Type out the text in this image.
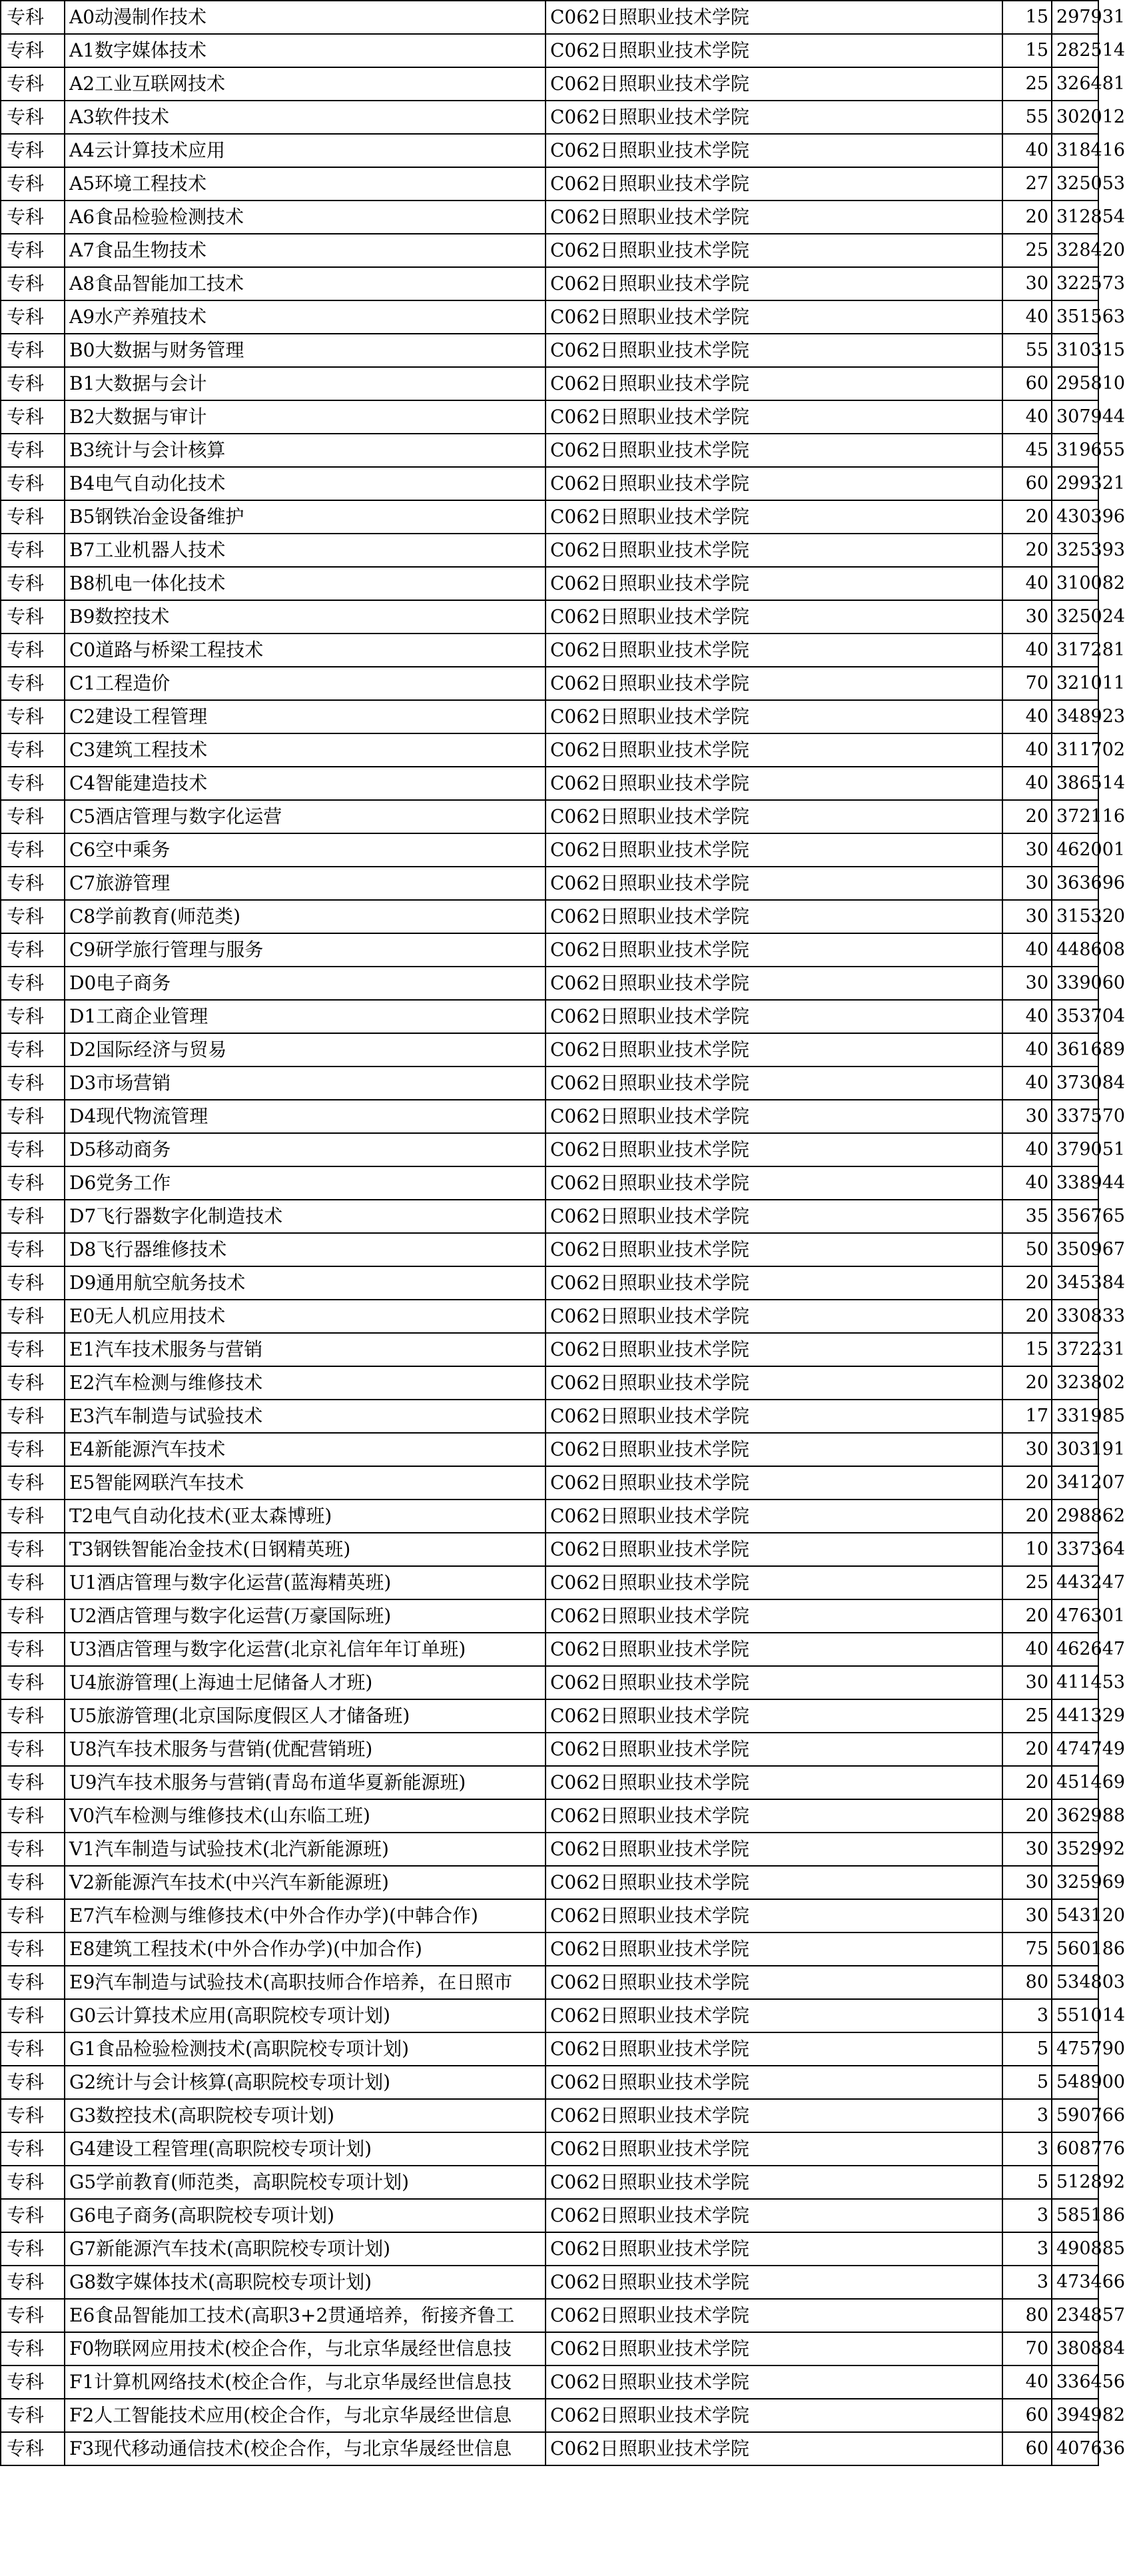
专科	A0动漫制作技术	C062日照职业技术学院	15	297931
专科	A1数字媒体技术	C062日照职业技术学院	15	282514
专科	A2工业互联网技术	C062日照职业技术学院	25	326481
专科	A3软件技术	C062日照职业技术学院	55	302012
专科	A4云计算技术应用	C062日照职业技术学院	40	318416
专科	A5环境工程技术	C062日照职业技术学院	27	325053
专科	A6食品检验检测技术	C062日照职业技术学院	20	312854
专科	A7食品生物技术	C062日照职业技术学院	25	328420
专科	A8食品智能加工技术	C062日照职业技术学院	30	322573
专科	A9水产养殖技术	C062日照职业技术学院	40	351563
专科	B0大数据与财务管理	C062日照职业技术学院	55	310315
专科	B1大数据与会计	C062日照职业技术学院	60	295810
专科	B2大数据与审计	C062日照职业技术学院	40	307944
专科	B3统计与会计核算	C062日照职业技术学院	45	319655
专科	B4电气自动化技术	C062日照职业技术学院	60	299321
专科	B5钢铁冶金设备维护	C062日照职业技术学院	20	430396
专科	B7工业机器人技术	C062日照职业技术学院	20	325393
专科	B8机电一体化技术	C062日照职业技术学院	40	310082
专科	B9数控技术	C062日照职业技术学院	30	325024
专科	C0道路与桥梁工程技术	C062日照职业技术学院	40	317281
专科	C1工程造价	C062日照职业技术学院	70	321011
专科	C2建设工程管理	C062日照职业技术学院	40	348923
专科	C3建筑工程技术	C062日照职业技术学院	40	311702
专科	C4智能建造技术	C062日照职业技术学院	40	386514
专科	C5酒店管理与数字化运营	C062日照职业技术学院	20	372116
专科	C6空中乘务	C062日照职业技术学院	30	462001
专科	C7旅游管理	C062日照职业技术学院	30	363696
专科	C8学前教育(师范类)	C062日照职业技术学院	30	315320
专科	C9研学旅行管理与服务	C062日照职业技术学院	40	448608
专科	D0电子商务	C062日照职业技术学院	30	339060
专科	D1工商企业管理	C062日照职业技术学院	40	353704
专科	D2国际经济与贸易	C062日照职业技术学院	40	361689
专科	D3市场营销	C062日照职业技术学院	40	373084
专科	D4现代物流管理	C062日照职业技术学院	30	337570
专科	D5移动商务	C062日照职业技术学院	40	379051
专科	D6党务工作	C062日照职业技术学院	40	338944
专科	D7飞行器数字化制造技术	C062日照职业技术学院	35	356765
专科	D8飞行器维修技术	C062日照职业技术学院	50	350967
专科	D9通用航空航务技术	C062日照职业技术学院	20	345384
专科	E0无人机应用技术	C062日照职业技术学院	20	330833
专科	E1汽车技术服务与营销	C062日照职业技术学院	15	372231
专科	E2汽车检测与维修技术	C062日照职业技术学院	20	323802
专科	E3汽车制造与试验技术	C062日照职业技术学院	17	331985
专科	E4新能源汽车技术	C062日照职业技术学院	30	303191
专科	E5智能网联汽车技术	C062日照职业技术学院	20	341207
专科	T2电气自动化技术(亚太森博班)	C062日照职业技术学院	20	298862
专科	T3钢铁智能冶金技术(日钢精英班)	C062日照职业技术学院	10	337364
专科	U1酒店管理与数字化运营(蓝海精英班)	C062日照职业技术学院	25	443247
专科	U2酒店管理与数字化运营(万豪国际班)	C062日照职业技术学院	20	476301
专科	U3酒店管理与数字化运营(北京礼信年年订单班)	C062日照职业技术学院	40	462647
专科	U4旅游管理(上海迪士尼储备人才班)	C062日照职业技术学院	30	411453
专科	U5旅游管理(北京国际度假区人才储备班)	C062日照职业技术学院	25	441329
专科	U8汽车技术服务与营销(优配营销班)	C062日照职业技术学院	20	474749
专科	U9汽车技术服务与营销(青岛布道华夏新能源班)	C062日照职业技术学院	20	451469
专科	V0汽车检测与维修技术(山东临工班)	C062日照职业技术学院	20	362988
专科	V1汽车制造与试验技术(北汽新能源班)	C062日照职业技术学院	30	352992
专科	V2新能源汽车技术(中兴汽车新能源班)	C062日照职业技术学院	30	325969
专科	E7汽车检测与维修技术(中外合作办学)(中韩合作)	C062日照职业技术学院	30	543120
专科	E8建筑工程技术(中外合作办学)(中加合作)	C062日照职业技术学院	75	560186
专科	E9汽车制造与试验技术(高职技师合作培养，在日照市	C062日照职业技术学院	80	534803
专科	G0云计算技术应用(高职院校专项计划)	C062日照职业技术学院	3	551014
专科	G1食品检验检测技术(高职院校专项计划)	C062日照职业技术学院	5	475790
专科	G2统计与会计核算(高职院校专项计划)	C062日照职业技术学院	5	548900
专科	G3数控技术(高职院校专项计划)	C062日照职业技术学院	3	590766
专科	G4建设工程管理(高职院校专项计划)	C062日照职业技术学院	3	608776
专科	G5学前教育(师范类，高职院校专项计划)	C062日照职业技术学院	5	512892
专科	G6电子商务(高职院校专项计划)	C062日照职业技术学院	3	585186
专科	G7新能源汽车技术(高职院校专项计划)	C062日照职业技术学院	3	490885
专科	G8数字媒体技术(高职院校专项计划)	C062日照职业技术学院	3	473466
专科	E6食品智能加工技术(高职3+2贯通培养，衔接齐鲁工	C062日照职业技术学院	80	234857
专科	F0物联网应用技术(校企合作，与北京华晟经世信息技	C062日照职业技术学院	70	380884
专科	F1计算机网络技术(校企合作，与北京华晟经世信息技	C062日照职业技术学院	40	336456
专科	F2人工智能技术应用(校企合作，与北京华晟经世信息	C062日照职业技术学院	60	394982
专科	F3现代移动通信技术(校企合作，与北京华晟经世信息	C062日照职业技术学院	60	407636
